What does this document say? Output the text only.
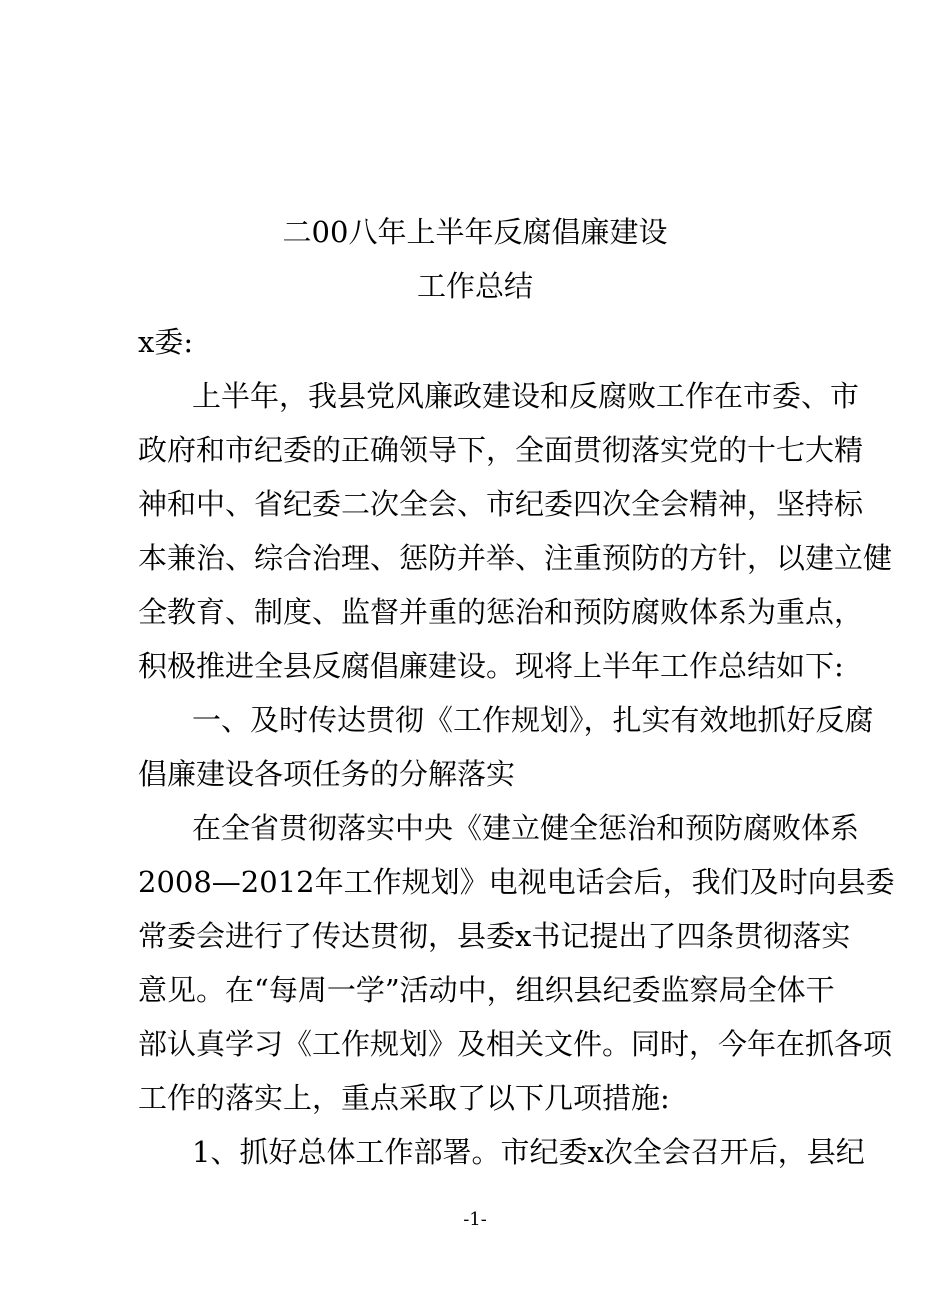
二00八年上半年反腐倡廉建设
工作总结
x委:
上半年，我县党风廉政建设和反腐败工作在市委、市
政府和市纪委的正确领导下，全面贯彻落实党的十七大精
神和中、省纪委二次全会、市纪委四次全会精神，坚持标
本兼治、综合治理、惩防并举、注重预防的方针，以建立健
全教育、制度、监督并重的惩治和预防腐败体系为重点，
积极推进全县反腐倡廉建设。现将上半年工作总结如下:
一、及时传达贯彻《工作规划》，扎实有效地抓好反腐
倡廉建设各项任务的分解落实
在全省贯彻落实中央《建立健全惩治和预防腐败体系
2008—2012年工作规划》电视电话会后，我们及时向县委
常委会进行了传达贯彻，县委x书记提出了四条贯彻落实
意见。在“每周一学”活动中，组织县纪委监察局全体干
部认真学习《工作规划》及相关文件。同时，今年在抓各项
工作的落实上，重点采取了以下几项措施:
1、抓好总体工作部署。市纪委x次全会召开后，县纪
-1-
